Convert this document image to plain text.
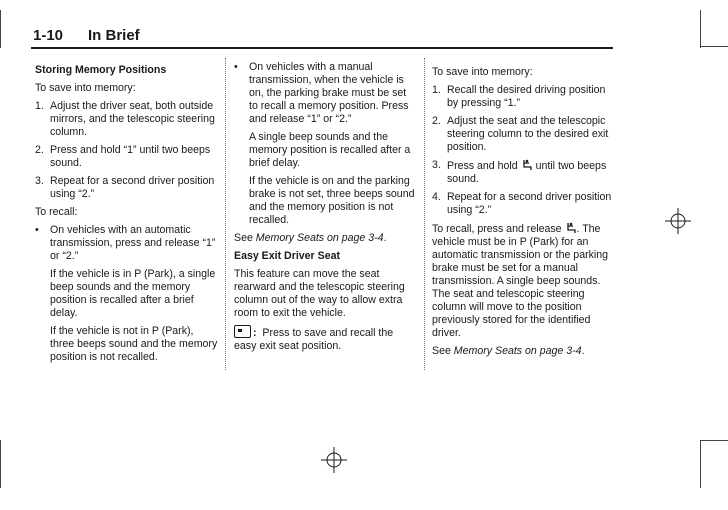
1-10 In Brief

Storing Memory Positions

To save into memory:

1. Adjust the driver seat, both outside mirrors, and the telescopic steering column.
2. Press and hold “1” until two beeps sound.
3. Repeat for a second driver position using “2.”

To recall:

• On vehicles with an automatic transmission, press and release “1” or “2.”

If the vehicle is in P (Park), a single beep sounds and the memory position is recalled after a brief delay.

If the vehicle is not in P (Park), three beeps sound and the memory position is not recalled.

• On vehicles with a manual transmission, when the vehicle is on, the parking brake must be set to recall a memory position. Press and release “1” or “2.”

A single beep sounds and the memory position is recalled after a brief delay.

If the vehicle is on and the parking brake is not set, three beeps sound and the memory position is not recalled.

See Memory Seats on page 3-4.

Easy Exit Driver Seat

This feature can move the seat rearward and the telescopic steering column out of the way to allow extra room to exit the vehicle.

: Press to save and recall the easy exit seat position.

To save into memory:

1. Recall the desired driving position by pressing “1.”
2. Adjust the seat and the telescopic steering column to the desired exit position.
3. Press and hold until two beeps sound.
4. Repeat for a second driver position using “2.”

To recall, press and release . The vehicle must be in P (Park) for an automatic transmission or the parking brake must be set for a manual transmission. A single beep sounds. The seat and telescopic steering column will move to the position previously stored for the identified driver.

See Memory Seats on page 3-4.
